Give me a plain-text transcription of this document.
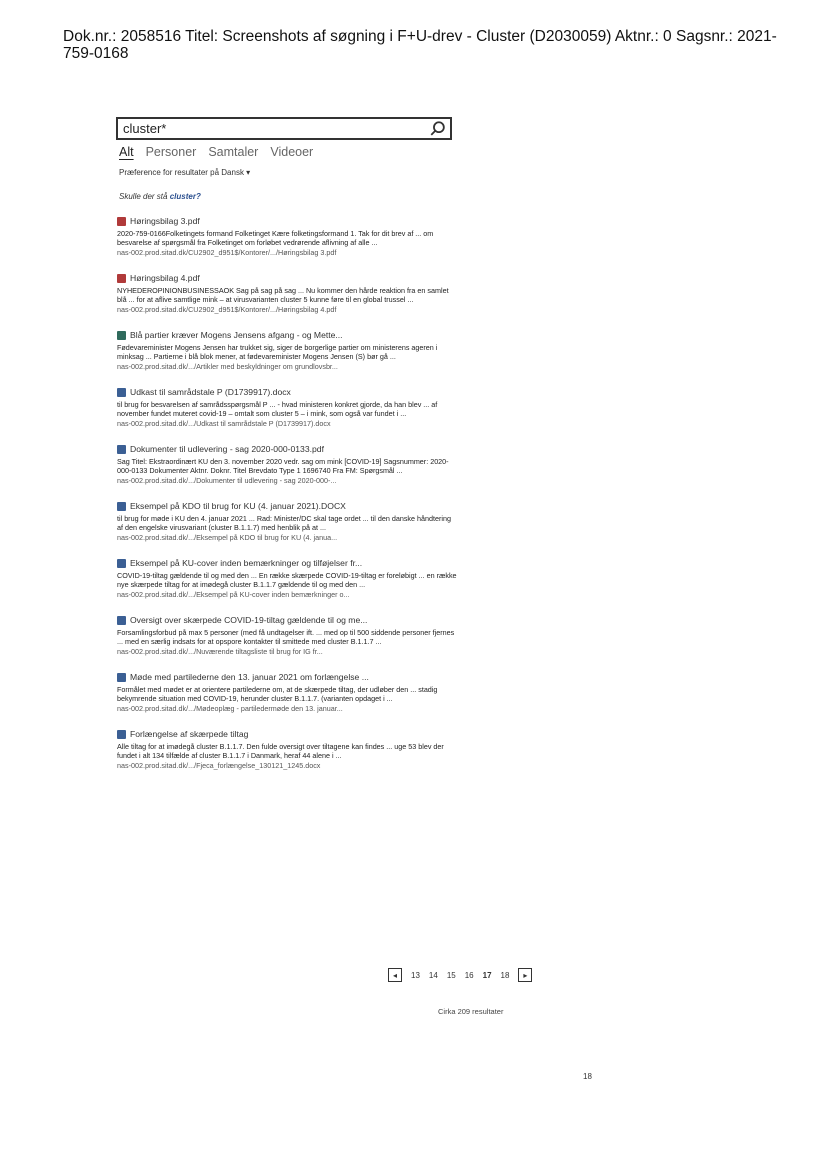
Dok.nr.: 2058516 Titel: Screenshots af søgning i F+U-drev - Cluster (D2030059) Aktnr.: 0 Sagsnr.: 2021-759-0168
cluster*
Alt Personer Samtaler Videoer
Præference for resultater på Dansk ▾
Skulle der stå cluster?
Høringsbilag 3.pdf
2020-759-0166Folketingets formand Folketinget Kære folketingsformand 1. Tak for dit brev af ... om besvarelse af spørgsmål fra Folketinget om forløbet vedrørende aflivning af alle ...
nas-002.prod.sitad.dk/CU2902_d951$/Kontorer/.../Høringsbilag 3.pdf
Høringsbilag 4.pdf
NYHEDEROPINIONBUSINESSAOK Sag på sag på sag ... Nu kommer den hårde reaktion fra en samlet blå ... for at aflive samtlige mink – at virusvarianten cluster 5 kunne føre til en global trussel ...
nas-002.prod.sitad.dk/CU2902_d951$/Kontorer/.../Høringsbilag 4.pdf
Blå partier kræver Mogens Jensens afgang - og Mette...
Fødevareminister Mogens Jensen har trukket sig, siger de borgerlige partier om ministerens ageren i minksag ... Partierne i blå blok mener, at fødevareminister Mogens Jensen (S) bør gå ...
nas-002.prod.sitad.dk/.../Artikler med beskyldninger om grundlovsbr...
Udkast til samrådstale P (D1739917).docx
til brug for besvarelsen af samrådsspørgsmål P ... - hvad ministeren konkret gjorde, da han blev ... af november fundet muteret covid-19 – omtalt som cluster 5 – i mink, som også var fundet i ...
nas-002.prod.sitad.dk/.../Udkast til samrådstale P (D1739917).docx
Dokumenter til udlevering - sag 2020-000-0133.pdf
Sag Titel: Ekstraordinært KU den 3. november 2020 vedr. sag om mink [COVID-19] Sagsnummer: 2020-000-0133 Dokumenter Aktnr. Doknr. Titel Brevdato Type 1 1696740 Fra FM: Spørgsmål ...
nas-002.prod.sitad.dk/.../Dokumenter til udlevering - sag 2020-000-...
Eksempel på KDO til brug for KU (4. januar 2021).DOCX
til brug for møde i KU den 4. januar 2021 ... Rad: Minister/DC skal tage ordet ... til den danske håndtering af den engelske virusvariant (cluster B.1.1.7) med henblik på at ...
nas-002.prod.sitad.dk/.../Eksempel på KDO til brug for KU (4. janua...
Eksempel på KU-cover inden bemærkninger og tilføjelser fr...
COVID-19-tiltag gældende til og med den ... En række skærpede COVID-19-tiltag er foreløbigt ... en række nye skærpede tiltag for at imødegå cluster B.1.1.7 gældende til og med den ...
nas-002.prod.sitad.dk/.../Eksempel på KU-cover inden bemærkninger o...
Oversigt over skærpede COVID-19-tiltag gældende til og me...
Forsamlingsforbud på max 5 personer (med få undtagelser ift. ... med op til 500 siddende personer fjernes ... med en særlig indsats for at opspore kontakter til smittede med cluster B.1.1.7 ...
nas-002.prod.sitad.dk/.../Nuværende tiltagsliste til brug for IG fr...
Møde med partilederne den 13. januar 2021 om forlængelse ...
Formålet med mødet er at orientere partilederne om, at de skærpede tiltag, der udløber den ... stadig bekymrende situation med COVID-19, herunder cluster B.1.1.7. (varianten opdaget i ...
nas-002.prod.sitad.dk/.../Mødeoplæg - partiledermøde den 13. januar...
Forlængelse af skærpede tiltag
Alle tiltag for at imødegå cluster B.1.1.7. Den fulde oversigt over tiltagene kan findes ... uge 53 blev der fundet i alt 134 tilfælde af cluster B.1.1.7 i Danmark, heraf 44 alene i ...
nas-002.prod.sitad.dk/.../Fjeca_forlængelse_130121_1245.docx
◂	13 14 15 16 17 18	▸
Cirka 209 resultater
18
